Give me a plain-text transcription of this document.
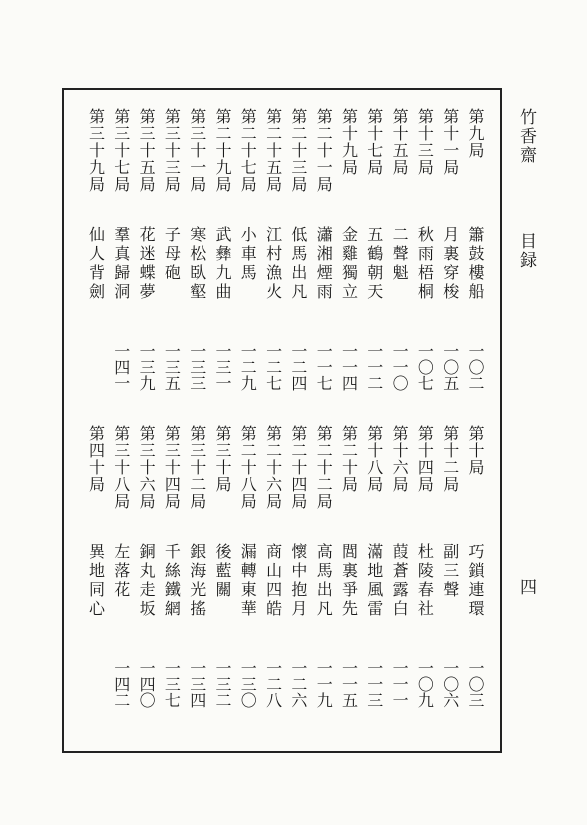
竹香齋
目録
四
第九局
簫鼓樓船
一〇二
第十一局
月裏穿梭
一〇五
第十三局
秋雨梧桐
一〇七
第十五局
二聲魁
一一〇
第十七局
五鶴朝天
一一二
第十九局
金雞獨立
一一四
第二十一局
瀟湘煙雨
一一七
第二十三局
低馬出凡
一二四
第二十五局
江村漁火
一二七
第二十七局
小車馬
一二九
第二十九局
武彝九曲
一三一
第三十一局
寒松臥壑
一三三
第三十三局
子母砲
一三五
第三十五局
花迷蝶夢
一三九
第三十七局
羣真歸洞
一四一
第三十九局
仙人背劍
第十局
巧鎖連環
一〇三
第十二局
副三聲
一〇六
第十四局
杜陵春社
一〇九
第十六局
葭蒼露白
一一一
第十八局
滿地風雷
一一三
第二十局
閭裏爭先
一一五
第二十二局
高馬出凡
一一九
第二十四局
懷中抱月
一二六
第二十六局
商山四皓
一二八
第二十八局
漏轉東華
一三〇
第三十局
後藍關
一三二
第三十二局
銀海光搖
一三四
第三十四局
千絲鐵網
一三七
第三十六局
銅丸走坂
一四〇
第三十八局
左落花
一四二
第四十局
異地同心
